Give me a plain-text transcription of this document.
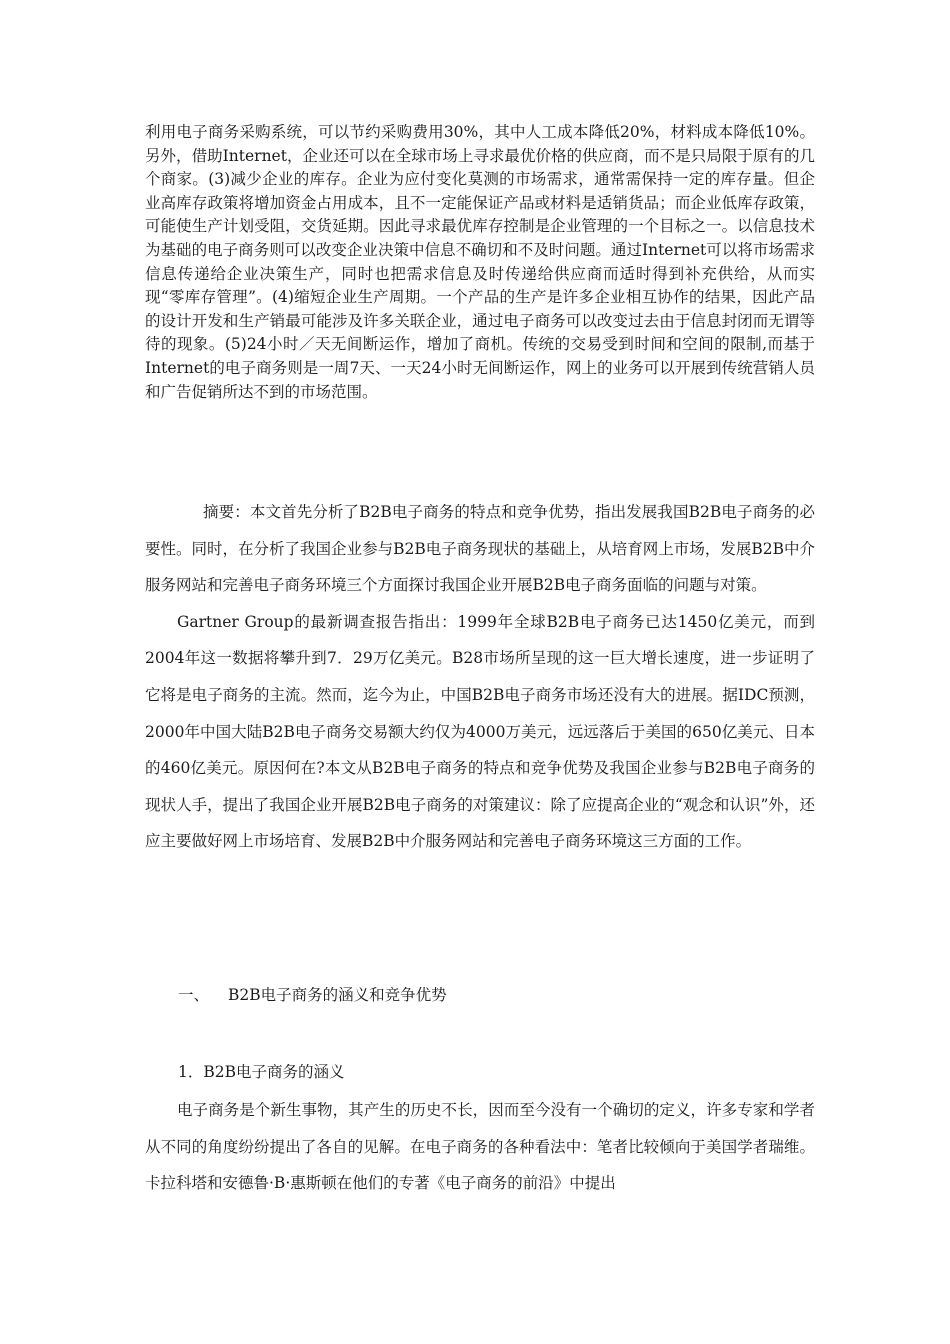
利用电子商务采购系统，可以节约采购费用30%，其中人工成本降低20%，材料成本降低10%。另外，借助Internet，企业还可以在全球市场上寻求最优价格的供应商，而不是只局限于原有的几个商家。(3)减少企业的库存。企业为应付变化莫测的市场需求，通常需保持一定的库存量。但企业高库存政策将增加资金占用成本，且不一定能保证产品或材料是适销货品；而企业低库存政策，可能使生产计划受阻，交货延期。因此寻求最优库存控制是企业管理的一个目标之一。以信息技术为基础的电子商务则可以改变企业决策中信息不确切和不及时问题。通过Internet可以将市场需求信息传递给企业决策生产，同时也把需求信息及时传递给供应商而适时得到补充供给，从而实现“零库存管理”。(4)缩短企业生产周期。一个产品的生产是许多企业相互协作的结果，因此产品的设计开发和生产销最可能涉及许多关联企业，通过电子商务可以改变过去由于信息封闭而无谓等待的现象。(5)24小时／天无间断运作，增加了商机。传统的交易受到时间和空间的限制,而基于Internet的电子商务则是一周7天、一天24小时无间断运作，网上的业务可以开展到传统营销人员和广告促销所达不到的市场范围。

摘要：本文首先分析了B2B电子商务的特点和竞争优势，指出发展我国B2B电子商务的必要性。同时，在分析了我国企业参与B2B电子商务现状的基础上，从培育网上市场，发展B2B中介服务网站和完善电子商务环境三个方面探讨我国企业开展B2B电子商务面临的问题与对策。

Gartner Group的最新调查报告指出：1999年全球B2B电子商务已达1450亿美元，而到2004年这一数据将攀升到7．29万亿美元。B28市场所呈现的这一巨大增长速度，进一步证明了它将是电子商务的主流。然而，迄今为止，中国B2B电子商务市场还没有大的进展。据IDC预测，2000年中国大陆B2B电子商务交易额大约仅为4000万美元，远远落后于美国的650亿美元、日本的460亿美元。原因何在?本文从B2B电子商务的特点和竞争优势及我国企业参与B2B电子商务的现状人手，提出了我国企业开展B2B电子商务的对策建议：除了应提高企业的“观念和认识”外，还应主要做好网上市场培育、发展B2B中介服务网站和完善电子商务环境这三方面的工作。

一、 B2B电子商务的涵义和竞争优势
1．B2B电子商务的涵义

电子商务是个新生事物，其产生的历史不长，因而至今没有一个确切的定义，许多专家和学者从不同的角度纷纷提出了各自的见解。在电子商务的各种看法中：笔者比较倾向于美国学者瑞维。卡拉科塔和安德鲁·B·惠斯顿在他们的专著《电子商务的前沿》中提出
